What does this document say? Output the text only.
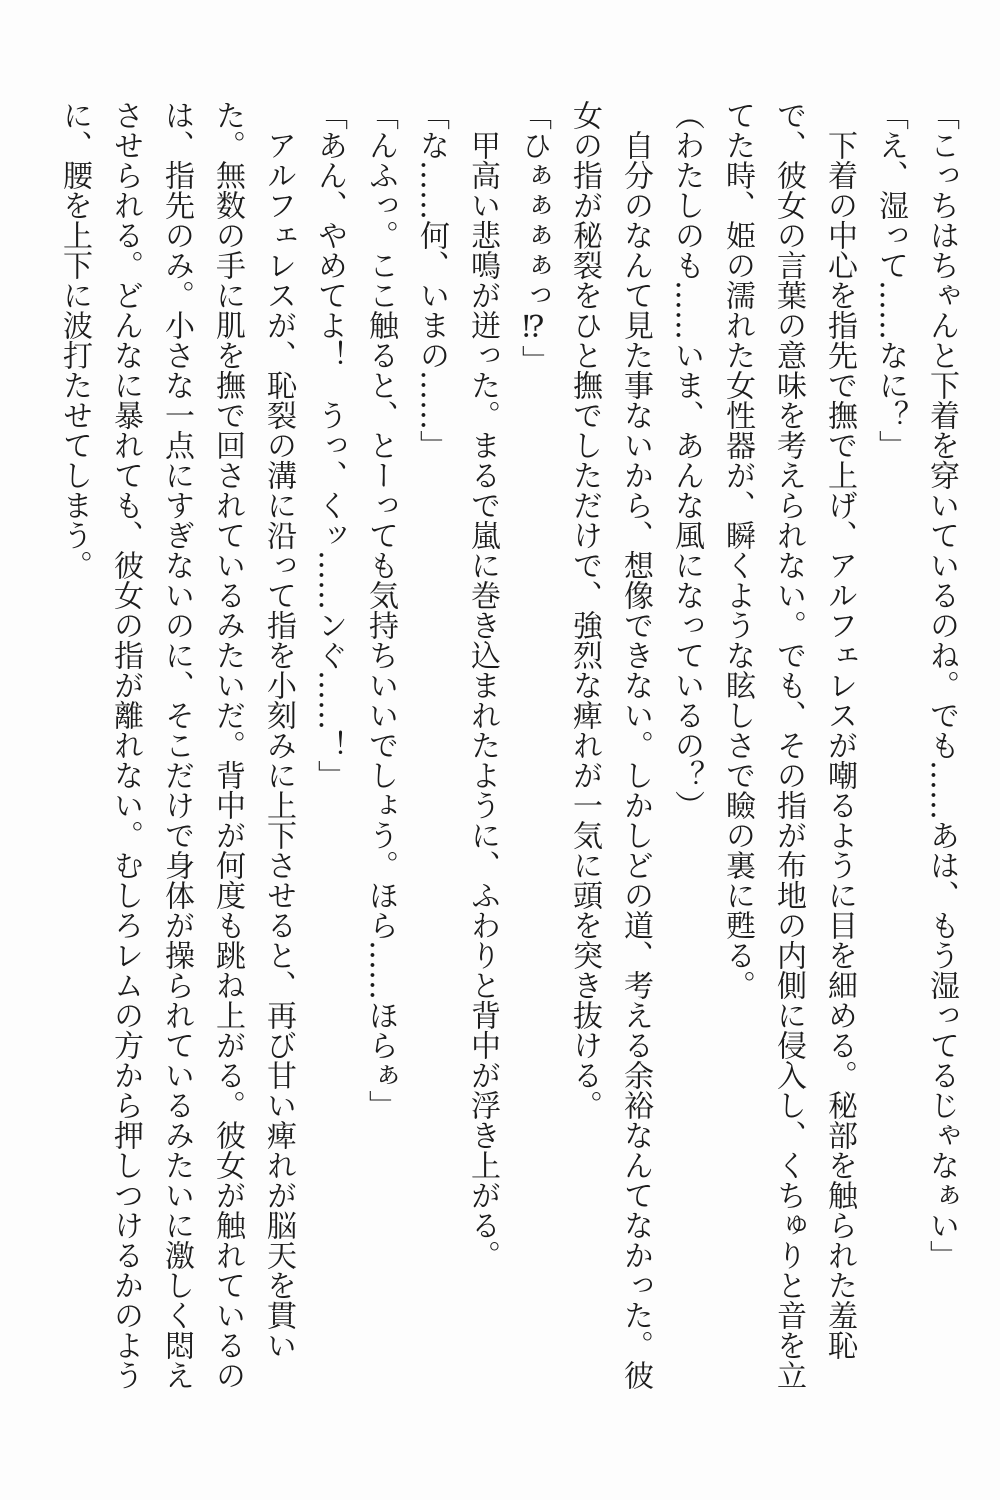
「こっちはちゃんと下着を穿いているのね。でも……あは、もう湿ってるじゃなぁい」

「え、湿って……なに？」

下着の中心を指先で撫で上げ、アルフェレスが嘲るように目を細める。秘部を触られた羞恥で、彼女の言葉の意味を考えられない。でも、その指が布地の内側に侵入し、くちゅりと音を立てた時、姫の濡れた女性器が、瞬くような眩しさで瞼の裏に甦る。

（わたしのも……いま、あんな風になっているの？）

自分のなんて見た事ないから、想像できない。しかしどの道、考える余裕なんてなかった。彼女の指が秘裂をひと撫でしただけで、強烈な痺れが一気に頭を突き抜ける。

「ひぁぁぁぁっ⁉」

甲高い悲鳴が迸った。まるで嵐に巻き込まれたように、ふわりと背中が浮き上がる。

「な……何、いまの……」

「んふっ。ここ触ると、とーっても気持ちいいでしょう。ほら……ほらぁ」

「あん、やめてよ！　うっ、くッ……ンぐ……！」

アルフェレスが、恥裂の溝に沿って指を小刻みに上下させると、再び甘い痺れが脳天を貫いた。無数の手に肌を撫で回されているみたいだ。背中が何度も跳ね上がる。彼女が触れているのは、指先のみ。小さな一点にすぎないのに、そこだけで身体が操られているみたいに激しく悶えさせられる。どんなに暴れても、彼女の指が離れない。むしろレムの方から押しつけるかのように、腰を上下に波打たせてしまう。
